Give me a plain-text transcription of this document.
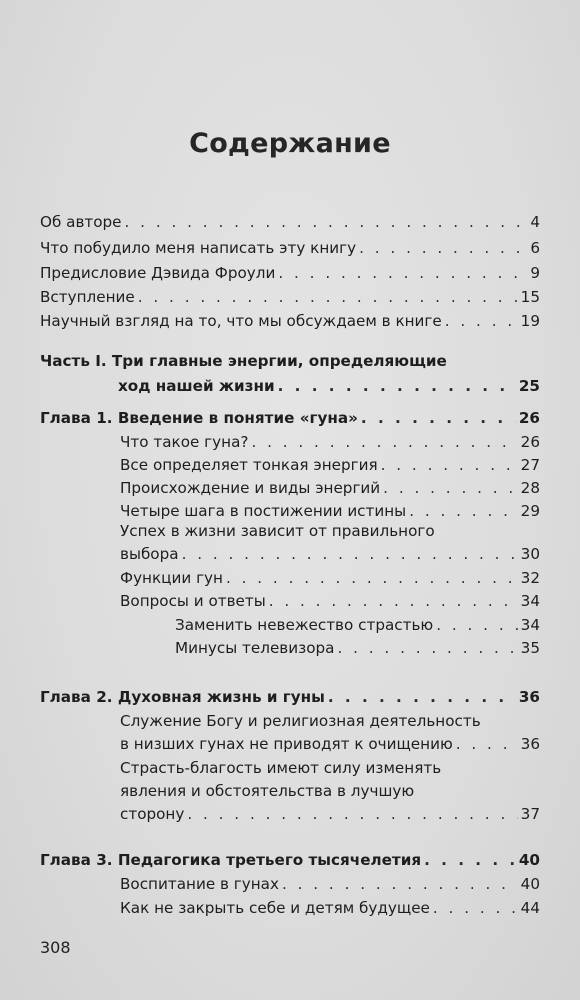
Содержание
Об авторе . . .	4
Что побудило меня написать эту книгу . . .	6
Предисловие Дэвида Фроули . . .	9
Вступление . . .	15
Научный взгляд на то, что мы обсуждаем в книге . . .	19
Часть I. Три главные энергии, определяющие
ход нашей жизни . . .	25
Глава 1. Введение в понятие «гуна» . . .	26
Что такое гуна? . . .	26
Все определяет тонкая энергия . . .	27
Происхождение и виды энергий . . .	28
Четыре шага в постижении истины . . .	29
Успех в жизни зависит от правильного
выбора . . .	30
Функции гун . . .	32
Вопросы и ответы . . .	34
Заменить невежество страстью . . .	34
Минусы телевизора . . .	35
Глава 2. Духовная жизнь и гуны . . .	36
Служение Богу и религиозная деятельность
в низших гунах не приводят к очищению . . .	36
Страсть-благость имеют силу изменять
явления и обстоятельства в лучшую
сторону . . .	37
Глава 3. Педагогика третьего тысячелетия . . .	40
Воспитание в гунах . . .	40
Как не закрыть себе и детям будущее . . .	44
308
